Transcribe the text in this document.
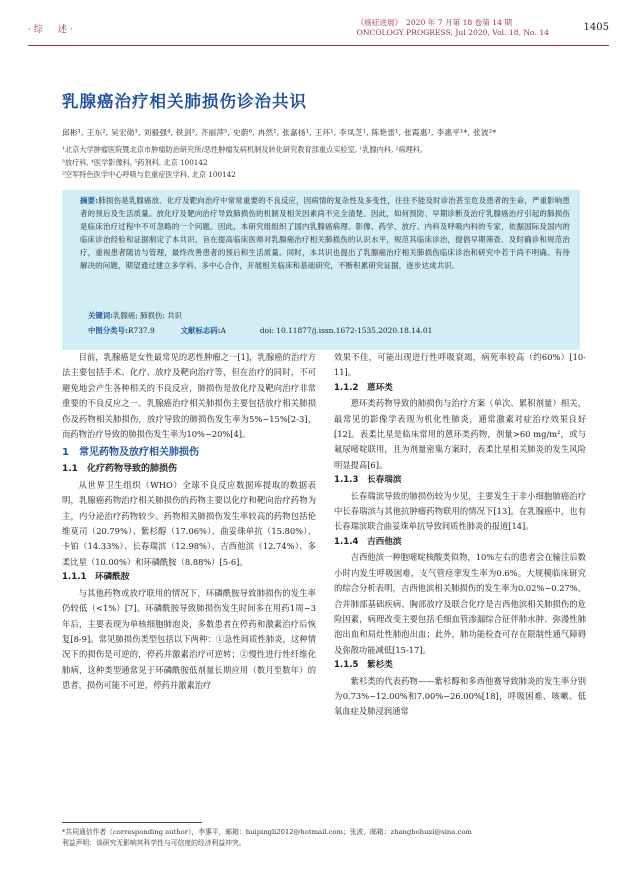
·综　述·
《癌症进展》　2020 年 7 月第 18 卷第 14 期
ONCOLOGY PROGRESS, Jul 2020, Vol. 18, No. 14	1405
乳腺癌治疗相关肺损伤诊治共识
邱彬¹, 王东², 吴宏勋³, 刘毅强⁴, 铁剑⁵, 齐丽萍⁵, 史蔚⁶, 冉然¹, 张嘉扬¹, 王环¹, 李凤芝¹, 陈艳雷¹, 张霞惠¹, 李惠平¹*, 张波²*
¹北京大学肿瘤医院暨北京市肿瘤防治研究所/恶性肿瘤发病机制及转化研究教育部重点实验室, ¹乳腺内科, ²病理科,
³放疗科, ⁴医学影像科, ⁵药剂科, 北京 100142
²空军特色医学中心呼吸与危重症医学科, 北京 100142
摘要:肺损伤是乳腺癌放、化疗及靶向治疗中常常重要的不良反应，因病情的复杂性及多变性，往往不能及时诊治甚至危及患者的生命，严重影响患者的预后及生活质量。放化疗及靶向治疗导致肺损伤的机制及相关因素尚不完全清楚。因此，如何预防、早期诊断及治疗乳腺癌治疗引起的肺损伤是临床治疗过程中不可忽略的一个问题。因此，本研究组组织了国内乳腺癌病理、影像、药学、放疗、内科及呼吸内科的专家，依据国际及国内的临床诊治经验和证据制定了本共识，旨在提高临床医师对乳腺癌治疗相关肺损伤的认识水平，规范其临床诊治，提倡早期筛查、及时确诊和规范治疗，重视患者随访与管理，最终改善患者的预后和生活质量。同时，本共识也提出了乳腺癌治疗相关肺损伤临床诊治和研究中若干尚不明确、有待解决的问题，期望通过建立多学科、多中心合作，开展相关临床和基础研究，不断积累研究证据，逐步达成共识。
关键词:乳腺癌; 肺损伤; 共识
中图分类号:R737.9	文献标志码:A	doi: 10.11877/j.issn.1672-1535.2020.18.14.01

目前，乳腺癌是女性最常见的恶性肿瘤之一[1]，乳腺癌的治疗方法主要包括手术、化疗、放疗及靶向治疗等，但在治疗的同时，不可避免地会产生各种相关的不良反应，肺损伤是放化疗及靶向治疗非常重要的不良反应之一。乳腺癌治疗相关肺损伤主要包括放疗相关肺损伤及药物相关肺损伤，放疗导致的肺损伤发生率为5%~15%[2-3]，而药物治疗导致的肺损伤发生率为10%~20%[4]。

1　常见药物及放疗相关肺损伤
1.1　化疗药物导致的肺损伤

从世界卫生组织（WHO）全球不良反应数据库提取的数据表明，乳腺癌药物治疗相关肺损伤的药物主要以化疗和靶向治疗药物为主，内分泌治疗药物较少。药物相关肺损伤发生率较高的药物包括伦维莫司（20.79%）、紫杉醇（17.06%）、曲妥珠单抗（15.80%）、卡铂（14.33%）、长春瑞滨（12.98%）、吉西他滨（12.74%）、多柔比星（10.00%）和环磷酰胺（8.88%）[5-6]。

1.1.1　环磷酰胺

与其他药物或放疗联用的情况下，环磷酰胺导致肺损伤的发生率仍较低（<1%）[7]。环磷酰胺导致肺损伤发生时间多在用药1周~3年后，主要表现为单核细胞肺泡炎，多数患者在停药和激素治疗后恢复[8-9]。常见肺损伤类型包括以下两种：①急性间质性肺炎，这种情况下的损伤是可逆的，停药并激素治疗可逆转；②慢性进行性纤维化肺病，这种类型通常见于环磷酰胺低剂量长期应用（数月至数年）的患者，损伤可能不可逆，停药并激素治疗

效果不佳，可能出现进行性呼吸衰竭，病死率较高（约60%）[10-11]。

1.1.2　蒽环类

蒽环类药物导致的肺损伤与治疗方案（单次、累积剂量）相关，最常见的影像学表现为机化性肺炎，通常激素对症治疗效果良好[12]。表柔比星是临床常用的蒽环类药物，剂量>60 mg/m²，或与氟尿嘧啶联用，且为剂量密集方案时，表柔比星相关肺炎的发生风险明显提高[6]。

1.1.3　长春瑞滨

长春瑞滨导致的肺损伤较为少见，主要发生于非小细胞肺癌治疗中长春瑞滨与其他抗肿瘤药物联用的情况下[13]。在乳腺癌中，也有长春瑞滨联合曲妥珠单抗导致间质性肺炎的报道[14]。

1.1.4　吉西他滨

吉西他滨一种胞嘧啶核酸类似物，10%左右的患者会在输注后数小时内发生呼吸困难，支气管痉挛发生率为0.6%。大规模临床研究的综合分析表明，吉西他滨相关肺损伤的发生率为0.02%~0.27%。合并肺部基础疾病、胸部放疗及联合化疗是吉西他滨相关肺损伤的危险因素，病理改变主要包括毛细血管渗漏综合征伴肺水肿、弥漫性肺泡出血和局灶性肺泡出血；此外，肺功能检查可存在限制性通气障碍及弥散功能减低[15-17]。

1.1.5　紫杉类

紫杉类的代表药物——紫杉醇和多西他赛导致肺炎的发生率分别为0.73%~12.00%和7.00%~26.00%[18]，呼吸困难、咳嗽、低氧血症及肺浸润通常

*共同通信作者（corresponding author），李惠平，邮箱：huipingli2012@hotmail.com；张波，邮箱：zhangbohuxi@sina.com
利益声明：该研究无影响其科学性与可信度的经济利益冲突。
